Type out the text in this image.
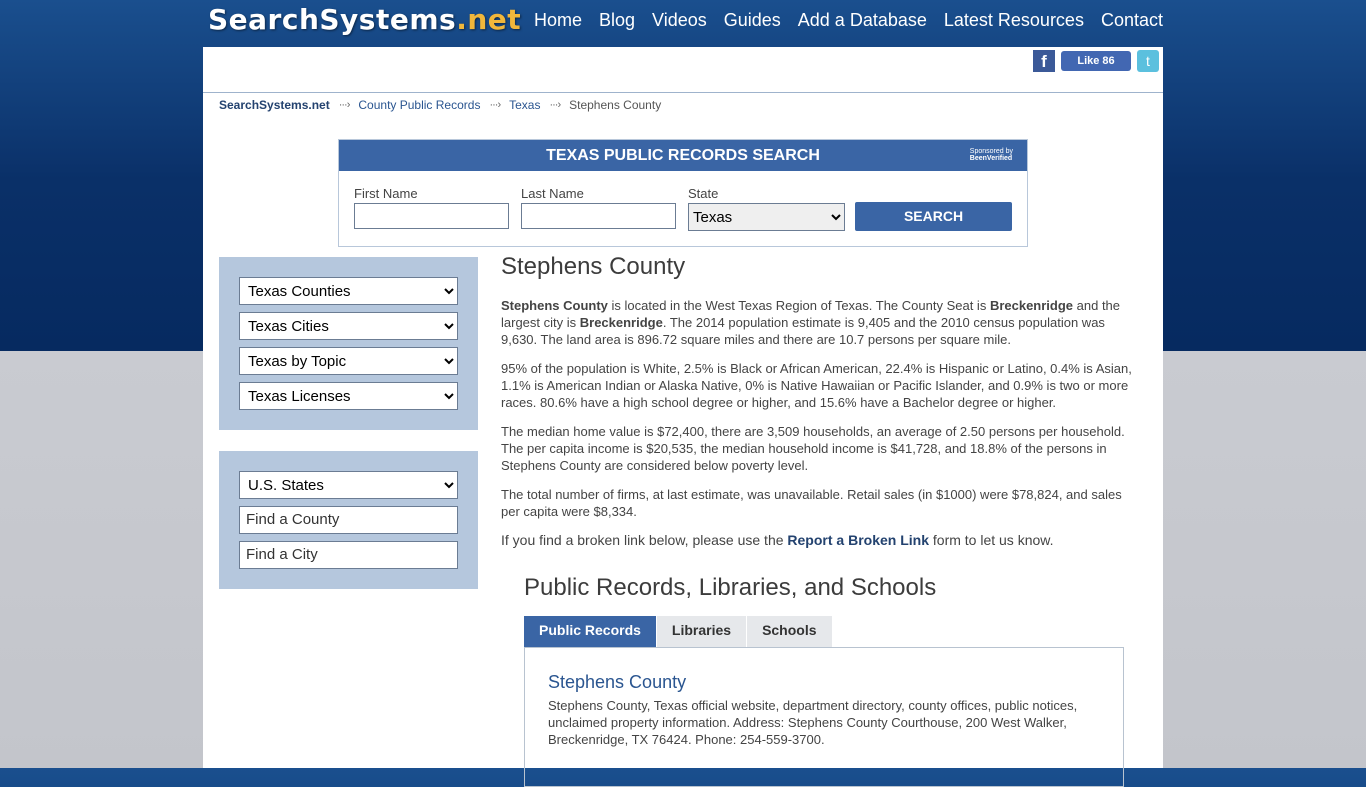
SearchSystems.net Home Blog Videos Guides Add a Database Latest Resources Contact
f	Like 86	t
SearchSystems.net ···› County Public Records ···› Texas ···› Stephens County
TEXAS PUBLIC RECORDS SEARCH	Sponsored by
BeenVerified
First Name	Last Name	State
Texas
SEARCH
Texas Counties
Texas Cities
Texas by Topic
Texas Licenses
U.S. States
Find a County
Find a City
Stephens County

Stephens County is located in the West Texas Region of Texas. The County Seat is Breckenridge and the largest city is Breckenridge. The 2014 population estimate is 9,405 and the 2010 census population was 9,630. The land area is 896.72 square miles and there are 10.7 persons per square mile.

95% of the population is White, 2.5% is Black or African American, 22.4% is Hispanic or Latino, 0.4% is Asian, 1.1% is American Indian or Alaska Native, 0% is Native Hawaiian or Pacific Islander, and 0.9% is two or more races. 80.6% have a high school degree or higher, and 15.6% have a Bachelor degree or higher.

The median home value is $72,400, there are 3,509 households, an average of 2.50 persons per household. The per capita income is $20,535, the median household income is $41,728, and 18.8% of the persons in Stephens County are considered below poverty level.

The total number of firms, at last estimate, was unavailable. Retail sales (in $1000) were $78,824, and sales per capita were $8,334.

If you find a broken link below, please use the Report a Broken Link form to let us know.

Public Records, Libraries, and Schools
Public Records	Libraries	Schools
Stephens County
Stephens County, Texas official website, department directory, county offices, public notices, unclaimed property information. Address: Stephens County Courthouse, 200 West Walker, Breckenridge, TX 76424. Phone: 254-559-3700.
